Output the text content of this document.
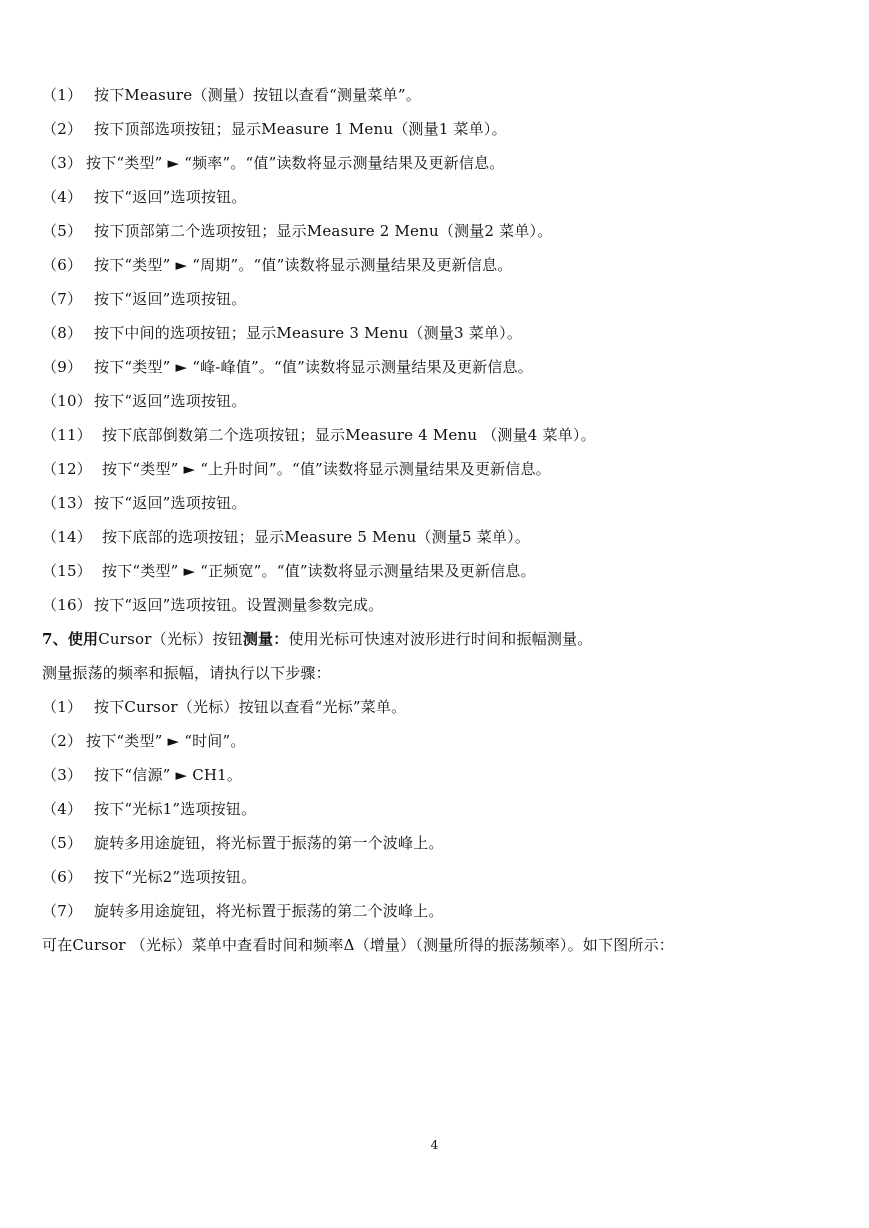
（1） 按下Measure（测量）按钮以查看“测量菜单”。
（2） 按下顶部选项按钮；显示Measure 1 Menu（测量1 菜单）。
（3） 按下“类型” ► “频率”。“值”读数将显示测量结果及更新信息。
（4） 按下“返回”选项按钮。
（5） 按下顶部第二个选项按钮；显示Measure 2 Menu（测量2 菜单）。
（6） 按下“类型” ► “周期”。“值”读数将显示测量结果及更新信息。
（7） 按下“返回”选项按钮。
（8） 按下中间的选项按钮；显示Measure 3 Menu（测量3 菜单）。
（9） 按下“类型” ► “峰-峰值”。“值”读数将显示测量结果及更新信息。
（10） 按下“返回”选项按钮。
（11） 按下底部倒数第二个选项按钮；显示Measure 4 Menu （测量4 菜单）。
（12） 按下“类型” ► “上升时间”。“值”读数将显示测量结果及更新信息。
（13） 按下“返回”选项按钮。
（14） 按下底部的选项按钮；显示Measure 5 Menu（测量5 菜单）。
（15） 按下“类型” ► “正频宽”。“值”读数将显示测量结果及更新信息。
（16） 按下“返回”选项按钮。设置测量参数完成。
7、使用Cursor（光标）按钮测量：使用光标可快速对波形进行时间和振幅测量。
测量振荡的频率和振幅，请执行以下步骤：
（1） 按下Cursor（光标）按钮以查看“光标”菜单。
（2） 按下“类型” ► “时间”。
（3） 按下“信源” ► CH1。
（4） 按下“光标1”选项按钮。
（5） 旋转多用途旋钮，将光标置于振荡的第一个波峰上。
（6） 按下“光标2”选项按钮。
（7） 旋转多用途旋钮，将光标置于振荡的第二个波峰上。
可在Cursor （光标）菜单中查看时间和频率Δ（增量）（测量所得的振荡频率）。如下图所示：
4
